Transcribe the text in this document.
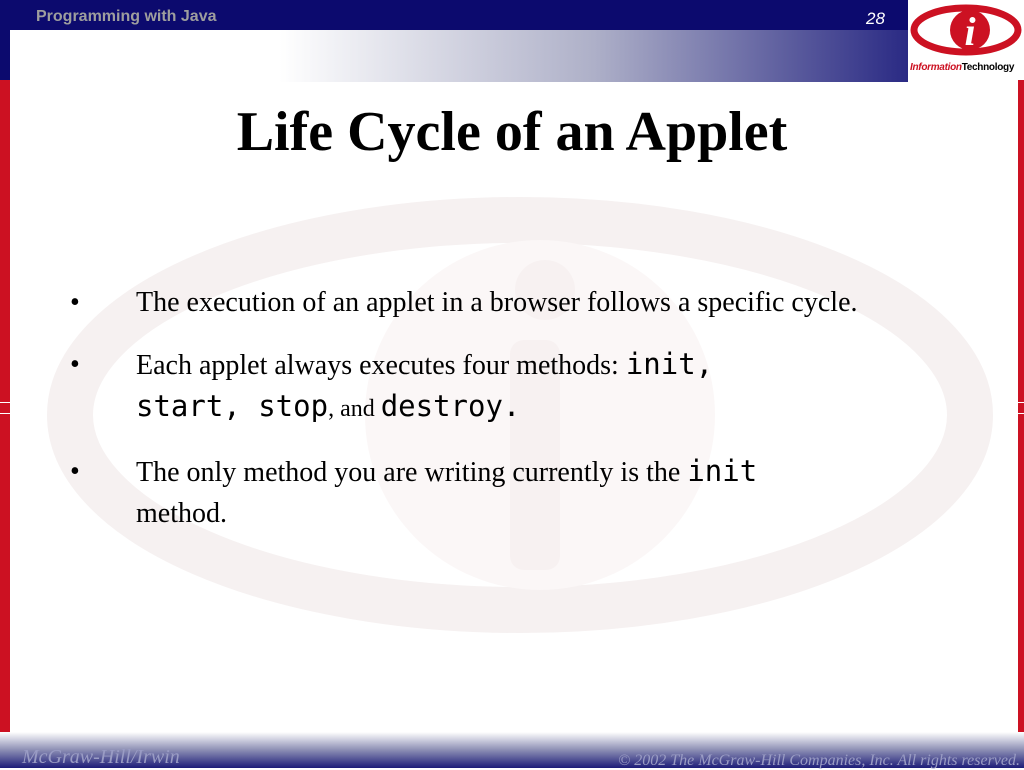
Programming with Java	28 i
InformationTechnology
Life Cycle of an Applet
• The execution of an applet in a browser follows a specific cycle.
• Each applet always executes four methods: init,
start, stop, and destroy.
• The only method you are writing currently is the init
method.
McGraw-Hill/Irwin	© 2002 The McGraw-Hill Companies, Inc. All rights reserved.
